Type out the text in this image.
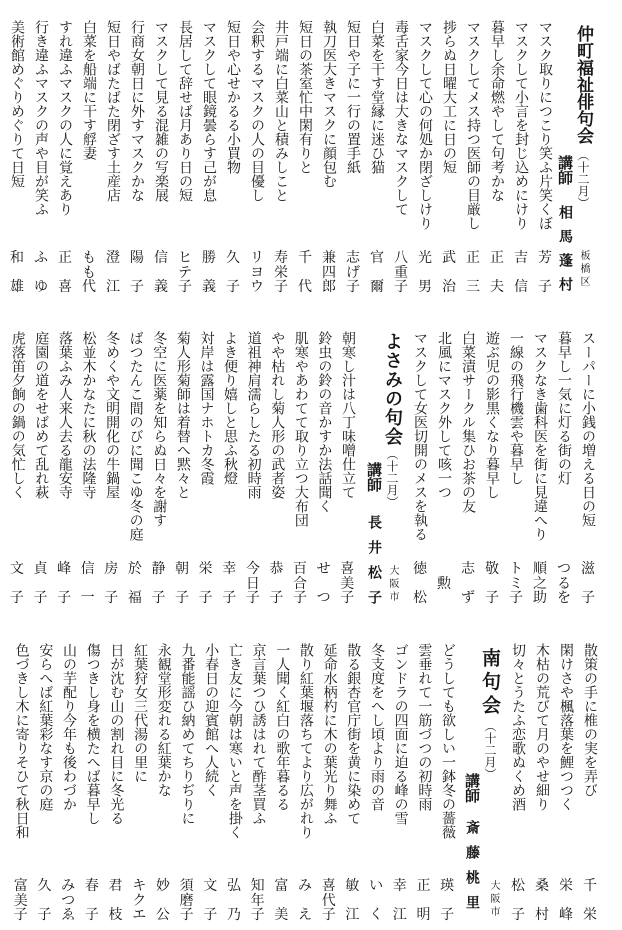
仲町福祉俳句会
（十二月）
板橋区
講師
相馬蓬村
マスク取りにつこり笑ふ片笑くぼ
芳
子
マスクして小言を封じ込めにけり
吉
信
暮早し余命燃やして句考かな
正
夫
マスクしてメス持つ医師の目厳し
正
三
捗らぬ日曜大工に日の短
武
治
マスクして心の何処か閉ざしけり
光
男
毒舌家今日は大きなマスクして
八
重
子
白菜を干す堂縁に迷ひ猫
官
爾
短日や子に一行の置手紙
志
げ
子
執刀医大きマスクに顔包む
兼
四
郎
短日の茶室忙中閑有りと
千
代
井戸端に白菜山と積みしこと
寿
栄
子
会釈するマスクの人の目優し
リ
ヨ
ウ
短日や心せかるる小買物
久
子
マスクして眼鏡曇らす己が息
勝
義
長居して辞せば月あり日の短
ヒ
テ
子
マスクして見る混雑の写楽展
信
義
行商女朝日に外すマスクかな
陽
子
短日やばたばた閉ざす土産店
澄
江
白菜を船端に干す艀妻
も
も
代
すれ違ふマスクの人に覚えあり
正
喜
行き違ふマスクの声や目が笑ふ
ふ
ゆ
美術館めぐりめぐりて日短
和
雄
スーパーに小銭の増える日の短
滋
子
暮早し一気に灯る街の灯
つ
る
を
マスクなき歯科医を街に見違へり
順
之
助
一線の飛行機雲や暮早し
ト
ミ
子
遊ぶ児の影黒くなり暮早し
敬
子
白菜漬サークル集ひお茶の友
志
ず
北風にマスク外して咳一つ
勲
マスクして女医切開のメスを執る
徳
松
よさみの句会
（十二月）
大阪市
講師
長井松子
朝寒し汁は八丁味噌仕立て
喜
美
子
鈴虫の鈴の音かすか法話聞く
せ
つ
肌寒やあわてて取り立つ大布団
百
合
子
やや枯れし菊人形の武者姿
恭
子
道祖神肩濡らしたる初時雨
今
日
子
よき便り嬉しと思ふ秋燈
幸
子
対岸は露国ナホトカ冬霞
栄
子
菊人形菊師は着替へ黙々と
朝
子
冬空に医薬を知らぬ日々を謝す
静
子
ばつたんこ間のびに聞こゆ冬の庭
於
福
冬めくや文明開化の牛鍋屋
房
子
松並木かなたに秋の法隆寺
信
一
落葉ふみ人来人去る龍安寺
峰
子
庭園の道をせばめて乱れ萩
貞
子
虎落笛夕餉の鍋の気忙しく
文
子
散策の手に椎の実を弄び
千
栄
閑けさや楓落葉を鯉つつく
栄
峰
木枯の荒びて月のやせ細り
桑
村
切々とうたふ恋歌ぬくめ酒
松
子
南句会
（十二月）
大阪市
講師
斎藤桃里
どうしても欲しい一鉢冬の薔薇
瑛
子
雲垂れて一筋づつの初時雨
正
明
ゴンドラの四面に迫る峰の雪
幸
江
冬支度をへし頃より雨の音
い
く
散る銀杏官庁街を黄に染めて
敏
江
延命水柄杓に木の葉光り舞ふ
喜
代
子
散り紅葉堰落ちてより広がれり
み
え
一人聞く紅白の歌年暮るる
富
美
京言葉つひ誘はれて酢茎買ふ
知
年
子
亡き友に今朝は寒いと声を掛く
弘
乃
小春日の迎賓館へ人続く
文
子
九番能謡ひ納めてちりぢりに
須
磨
子
永観堂形変れる紅葉かな
妙
公
紅葉狩女三代湯の里に
キ
ク
エ
日が沈む山の割れ目に冬光る
君
枝
傷つきし身を横たへば暮早し
春
子
山の芋配り今年も後わづか
み
つ
ゑ
安らへば紅葉彩なす京の庭
久
子
色づきし木に寄りそひて秋日和
富
美
子
